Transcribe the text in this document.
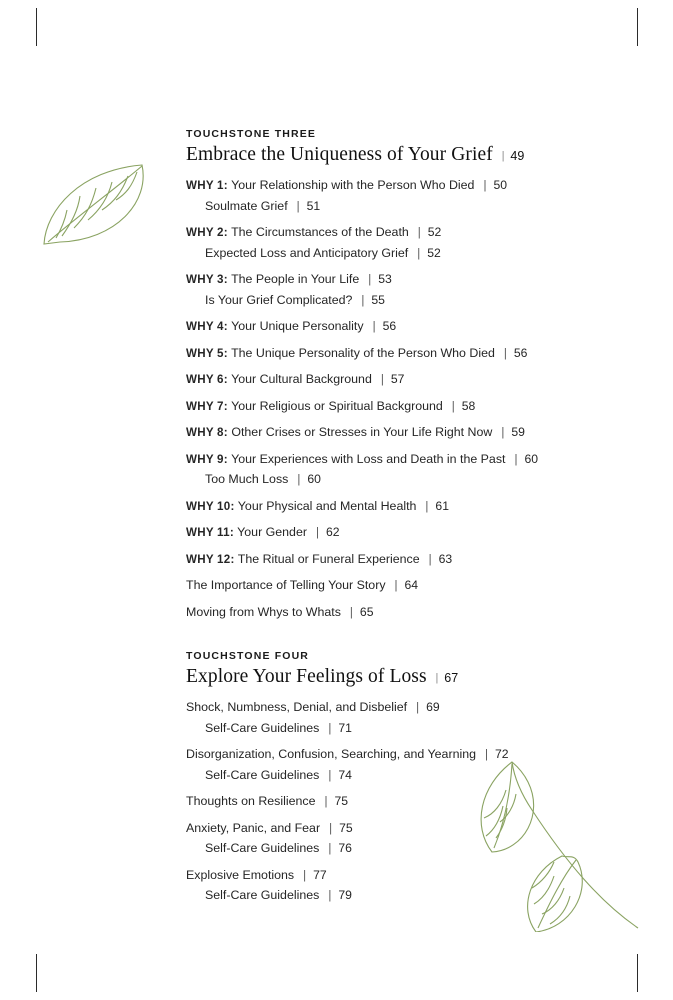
TOUCHSTONE THREE
Embrace the Uniqueness of Your Grief | 49
WHY 1: Your Relationship with the Person Who Died | 50
Soulmate Grief | 51
WHY 2: The Circumstances of the Death | 52
Expected Loss and Anticipatory Grief | 52
WHY 3: The People in Your Life | 53
Is Your Grief Complicated? | 55
WHY 4: Your Unique Personality | 56
WHY 5: The Unique Personality of the Person Who Died | 56
WHY 6: Your Cultural Background | 57
WHY 7: Your Religious or Spiritual Background | 58
WHY 8: Other Crises or Stresses in Your Life Right Now | 59
WHY 9: Your Experiences with Loss and Death in the Past | 60
Too Much Loss | 60
WHY 10: Your Physical and Mental Health | 61
WHY 11: Your Gender | 62
WHY 12: The Ritual or Funeral Experience | 63
The Importance of Telling Your Story | 64
Moving from Whys to Whats | 65
TOUCHSTONE FOUR
Explore Your Feelings of Loss | 67
Shock, Numbness, Denial, and Disbelief | 69
Self-Care Guidelines | 71
Disorganization, Confusion, Searching, and Yearning | 72
Self-Care Guidelines | 74
Thoughts on Resilience | 75
Anxiety, Panic, and Fear | 75
Self-Care Guidelines | 76
Explosive Emotions | 77
Self-Care Guidelines | 79
